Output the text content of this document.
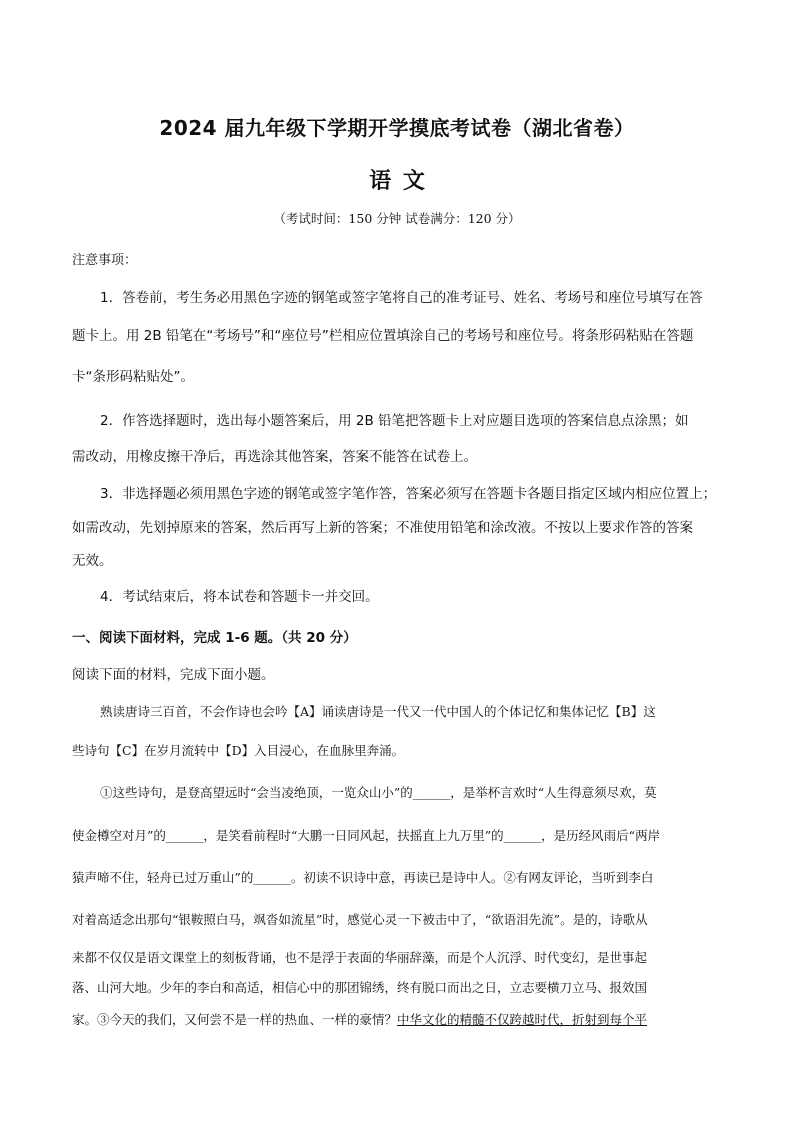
2024 届九年级下学期开学摸底考试卷（湖北省卷）
语 文
（考试时间：150 分钟 试卷满分：120 分）
注意事项：
1．答卷前，考生务必用黑色字迹的钢笔或签字笔将自己的准考证号、姓名、考场号和座位号填写在答
题卡上。用 2B 铅笔在“考场号”和“座位号”栏相应位置填涂自己的考场号和座位号。将条形码粘贴在答题
卡“条形码粘贴处”。
2．作答选择题时，选出每小题答案后，用 2B 铅笔把答题卡上对应题目选项的答案信息点涂黑；如
需改动，用橡皮擦干净后，再选涂其他答案，答案不能答在试卷上。
3．非选择题必须用黑色字迹的钢笔或签字笔作答，答案必须写在答题卡各题目指定区域内相应位置上；
如需改动，先划掉原来的答案，然后再写上新的答案；不准使用铅笔和涂改液。不按以上要求作答的答案
无效。
4．考试结束后，将本试卷和答题卡一并交回。
一、阅读下面材料，完成 1-6 题。（共 20 分）
阅读下面的材料，完成下面小题。
熟读唐诗三百首，不会作诗也会吟【A】诵读唐诗是一代又一代中国人的个体记忆和集体记忆【B】这
些诗句【C】在岁月流转中【D】入目浸心，在血脉里奔涌。
①这些诗句，是登高望远时“会当凌绝顶，一览众山小”的______，是举杯言欢时“人生得意须尽欢，莫
使金樽空对月”的______，是笑看前程时“大鹏一日同风起，扶摇直上九万里”的______，是历经风雨后“两岸
猿声啼不住，轻舟已过万重山”的______。初读不识诗中意，再读已是诗中人。②有网友评论，当听到李白
对着高适念出那句“银鞍照白马，飒沓如流星”时，感觉心灵一下被击中了，“欲语泪先流”。是的，诗歌从
来都不仅仅是语文课堂上的刻板背诵，也不是浮于表面的华丽辞藻，而是个人沉浮、时代变幻，是世事起
落、山河大地。少年的李白和高适，相信心中的那团锦绣，终有脱口而出之日，立志要横刀立马、报效国
家。③今天的我们，又何尝不是一样的热血、一样的豪情？中华文化的精髓不仅跨越时代，折射到每个平
